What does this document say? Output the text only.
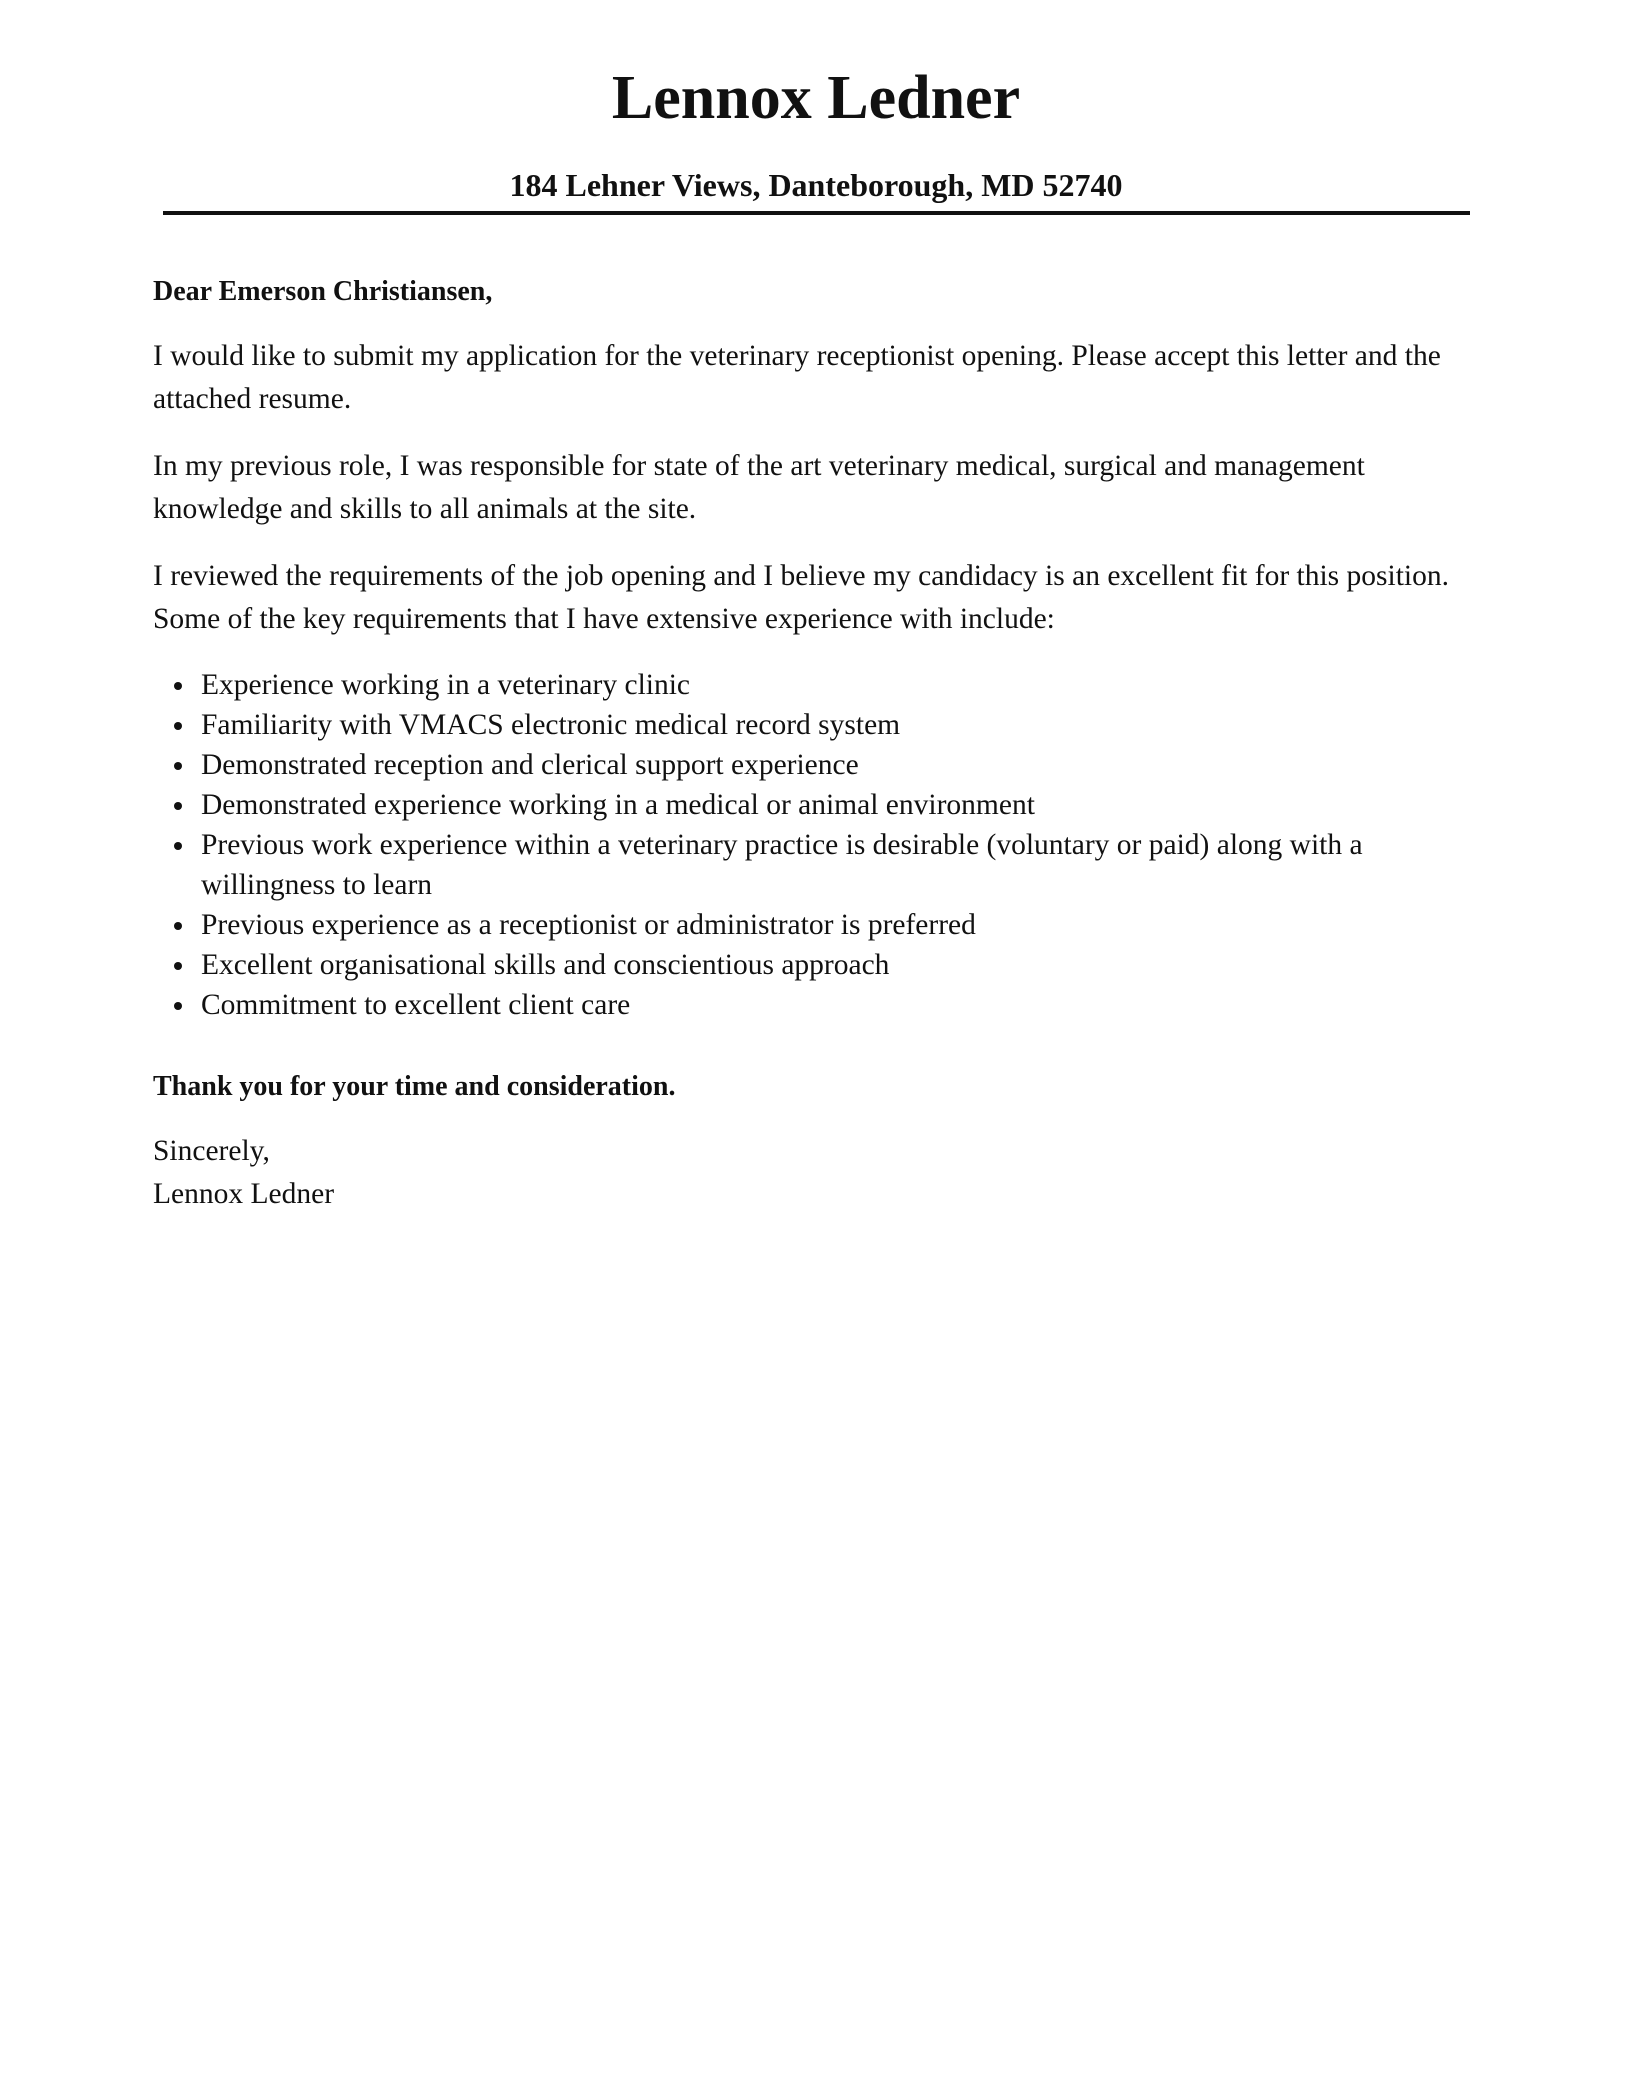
Lennox Ledner
184 Lehner Views, Danteborough, MD 52740

Dear Emerson Christiansen,

I would like to submit my application for the veterinary receptionist opening. Please accept this letter and the attached resume.

In my previous role, I was responsible for state of the art veterinary medical, surgical and management knowledge and skills to all animals at the site.

I reviewed the requirements of the job opening and I believe my candidacy is an excellent fit for this position. Some of the key requirements that I have extensive experience with include:

Experience working in a veterinary clinic
Familiarity with VMACS electronic medical record system
Demonstrated reception and clerical support experience
Demonstrated experience working in a medical or animal environment
Previous work experience within a veterinary practice is desirable (voluntary or paid) along with a willingness to learn
Previous experience as a receptionist or administrator is preferred
Excellent organisational skills and conscientious approach
Commitment to excellent client care

Thank you for your time and consideration.

Sincerely,
Lennox Ledner
